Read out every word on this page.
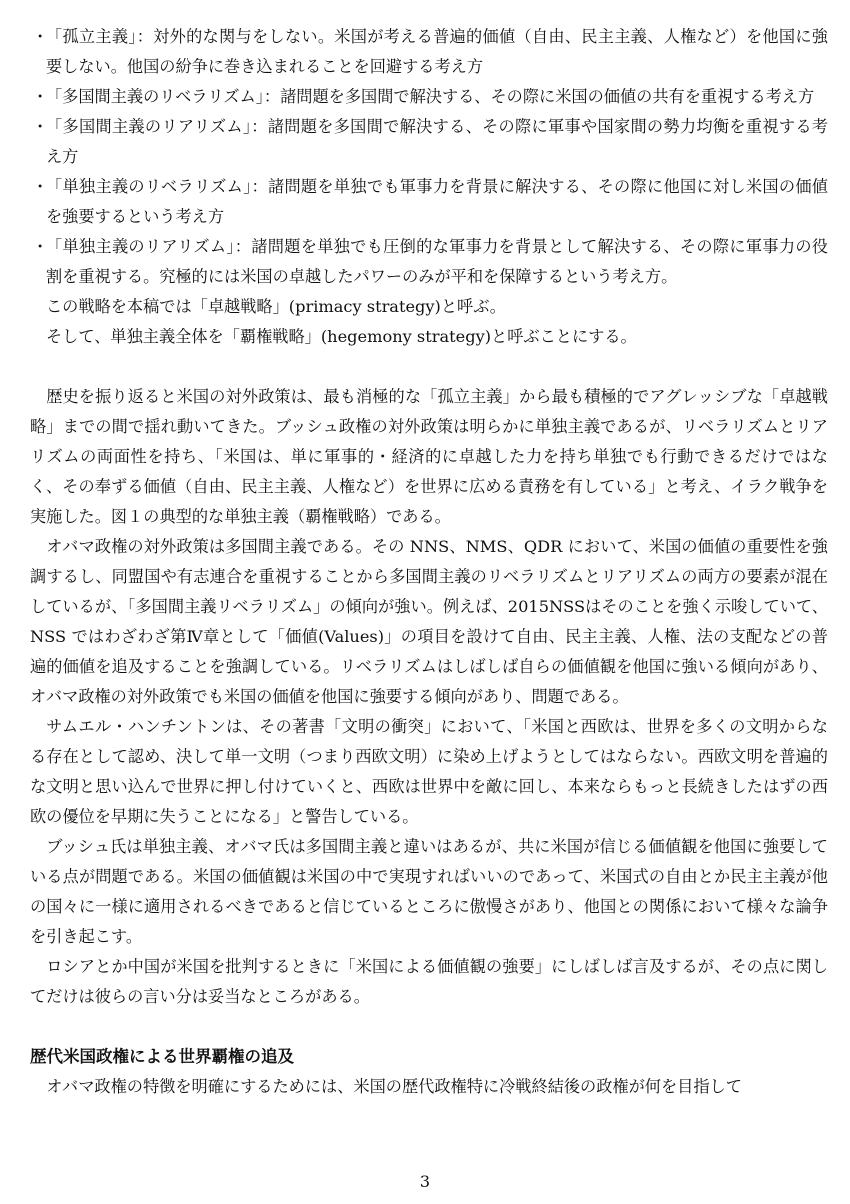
・
「孤立主義」：対外的な関与をしない。米国が考える普遍的価値（自由、民主主義、人権など）を他国に強要しない。他国の紛争に巻き込まれることを回避する考え方
・
「多国間主義のリベラリズム」：諸問題を多国間で解決する、その際に米国の価値の共有を重視する考え方
・
「多国間主義のリアリズム」：諸問題を多国間で解決する、その際に軍事や国家間の勢力均衡を重視する考え方
・
「単独主義のリベラリズム」：諸問題を単独でも軍事力を背景に解決する、その際に他国に対し米国の価値を強要するという考え方
・
「単独主義のリアリズム」：諸問題を単独でも圧倒的な軍事力を背景として解決する、その際に軍事力の役割を重視する。究極的には米国の卓越したパワーのみが平和を保障するという考え方。

この戦略を本稿では「卓越戦略」(primacy strategy)と呼ぶ。

そして、単独主義全体を「覇権戦略」(hegemony strategy)と呼ぶことにする。

歴史を振り返ると米国の対外政策は、最も消極的な「孤立主義」から最も積極的でアグレッシブな「卓越戦略」までの間で揺れ動いてきた。ブッシュ政権の対外政策は明らかに単独主義であるが、リベラリズムとリアリズムの両面性を持ち、「米国は、単に軍事的・経済的に卓越した力を持ち単独でも行動できるだけではなく、その奉ずる価値（自由、民主主義、人権など）を世界に広める責務を有している」と考え、イラク戦争を実施した。図１の典型的な単独主義（覇権戦略）である。

オバマ政権の対外政策は多国間主義である。その NNS、NMS、QDR において、米国の価値の重要性を強調するし、同盟国や有志連合を重視することから多国間主義のリベラリズムとリアリズムの両方の要素が混在しているが、「多国間主義リベラリズム」の傾向が強い。例えば、2015NSSはそのことを強く示唆していて、NSS ではわざわざ第Ⅳ章として「価値(Values)」の項目を設けて自由、民主主義、人権、法の支配などの普遍的価値を追及することを強調している。リベラリズムはしばしば自らの価値観を他国に強いる傾向があり、オバマ政権の対外政策でも米国の価値を他国に強要する傾向があり、問題である。

サムエル・ハンチントンは、その著書「文明の衝突」において、「米国と西欧は、世界を多くの文明からなる存在として認め、決して単一文明（つまり西欧文明）に染め上げようとしてはならない。西欧文明を普遍的な文明と思い込んで世界に押し付けていくと、西欧は世界中を敵に回し、本来ならもっと長続きしたはずの西欧の優位を早期に失うことになる」と警告している。

ブッシュ氏は単独主義、オバマ氏は多国間主義と違いはあるが、共に米国が信じる価値観を他国に強要している点が問題である。米国の価値観は米国の中で実現すればいいのであって、米国式の自由とか民主主義が他の国々に一様に適用されるべきであると信じているところに傲慢さがあり、他国との関係において様々な論争を引き起こす。

ロシアとか中国が米国を批判するときに「米国による価値観の強要」にしばしば言及するが、その点に関してだけは彼らの言い分は妥当なところがある。

歴代米国政権による世界覇権の追及

オバマ政権の特徴を明確にするためには、米国の歴代政権特に冷戦終結後の政権が何を目指して

3
